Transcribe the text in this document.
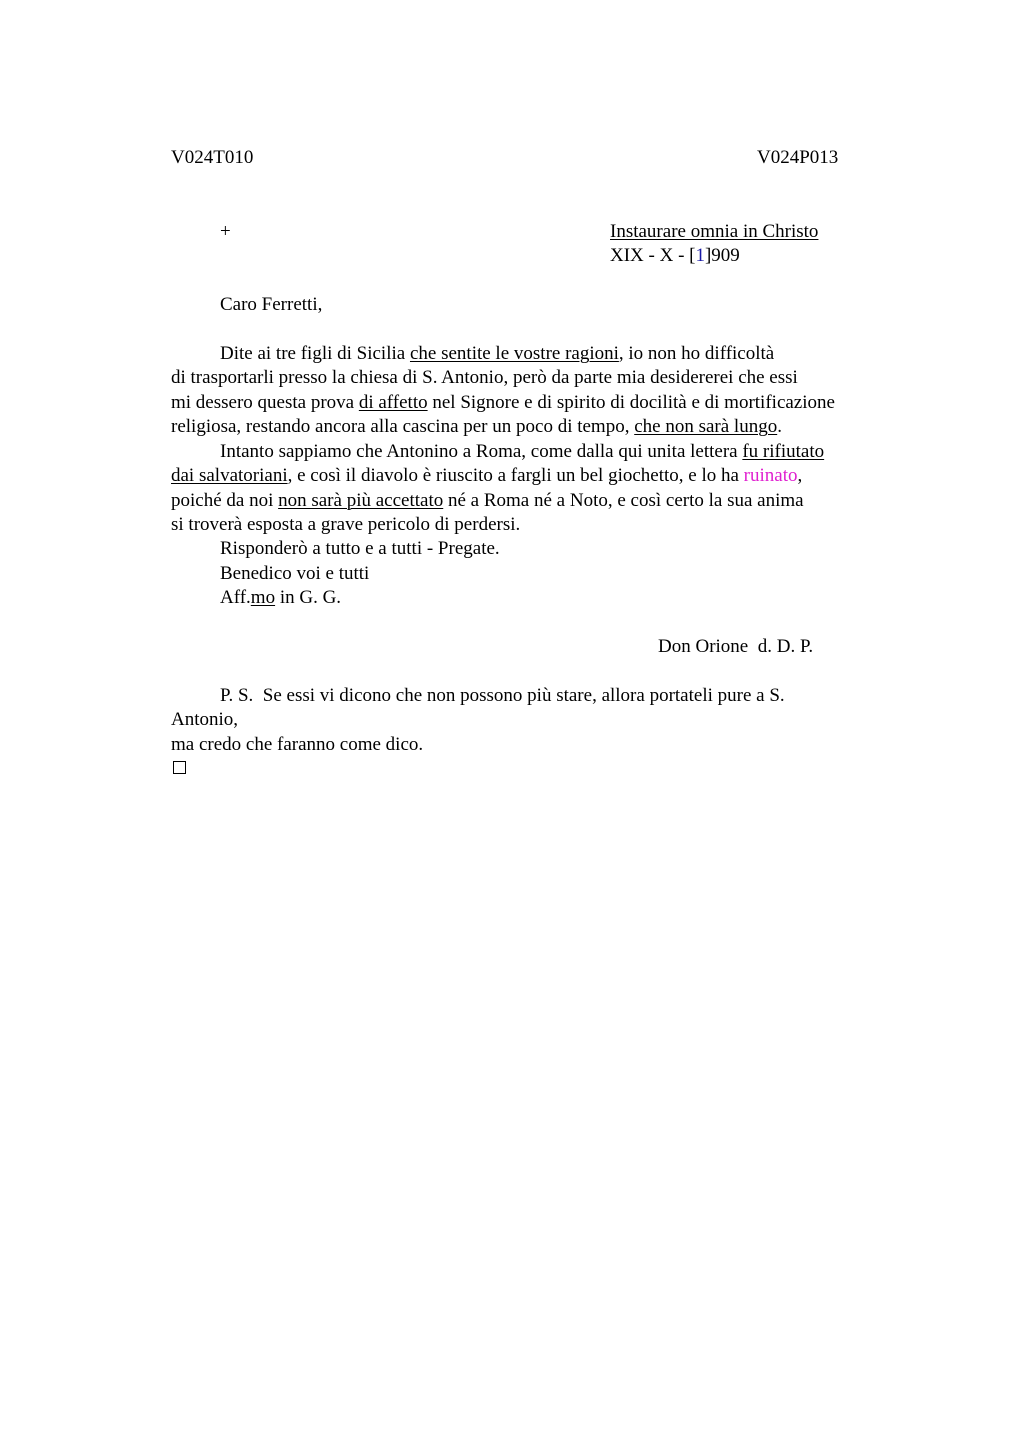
V024T010	V024P013
+	Instaurare omnia in Christo
XIX - X - [1]909
Caro Ferretti,
Dite ai tre figli di Sicilia che sentite le vostre ragioni, io non ho difficoltà
di trasportarli presso la chiesa di S. Antonio, però da parte mia desidererei che essi
mi dessero questa prova di affetto nel Signore e di spirito di docilità e di mortificazione
religiosa, restando ancora alla cascina per un poco di tempo, che non sarà lungo.
Intanto sappiamo che Antonino a Roma, come dalla qui unita lettera fu rifiutato
dai salvatoriani, e così il diavolo è riuscito a fargli un bel giochetto, e lo ha ruinato,
poiché da noi non sarà più accettato né a Roma né a Noto, e così certo la sua anima
si troverà esposta a grave pericolo di perdersi.
Risponderò a tutto e a tutti - Pregate.
Benedico voi e tutti
Aff.mo in G. G.
Don Orione  d. D. P.
P. S.  Se essi vi dicono che non possono più stare, allora portateli pure a S.
Antonio,
ma credo che faranno come dico.
